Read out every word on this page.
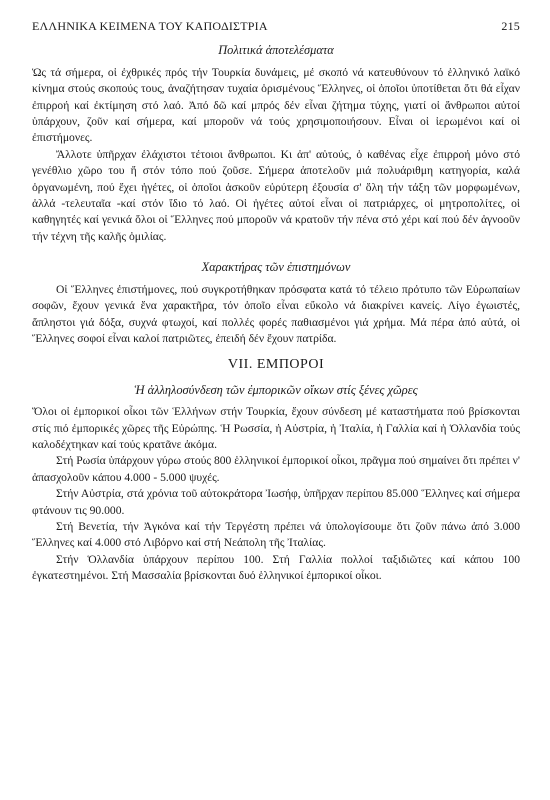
ΕΛΛΗΝΙΚΑ ΚΕΙΜΕΝΑ ΤΟΥ ΚΑΠΟΔΙΣΤΡΙΑ	215
Πολιτικά ἀποτελέσματα

Ὡς τά σήμερα, οἱ ἐχθρικές πρός τήν Τουρκία δυνάμεις, μέ σκοπό νά κατευθύνουν τό ἑλληνικό λαϊκό κίνημα στούς σκοπούς τους, ἀναζήτησαν τυχαία ὁρισμένους Ἕλληνες, οἱ ὁποῖοι ὑποτίθεται ὅτι θά εἶχαν ἐπιρροή καί ἐκτίμηση στό λαό. Ἀπό δῶ καί μπρός δέν εἶναι ζήτημα τύχης, γιατί οἱ ἄνθρωποι αὐτοί ὑπάρχουν, ζοῦν καί σήμερα, καί μποροῦν νά τούς χρησιμοποιήσουν. Εἶναι οἱ ἱερωμένοι καί οἱ ἐπιστήμονες.

Ἄλλοτε ὑπῆρχαν ἐλάχιστοι τέτοιοι ἄνθρωποι. Κι ἀπ' αὐτούς, ὁ καθένας εἶχε ἐπιρροή μόνο στό γενέθλιο χῶρο του ἤ στόν τόπο πού ζοῦσε. Σήμερα ἀποτελοῦν μιά πολυάριθμη κατηγορία, καλά ὀργανωμένη, πού ἔχει ἡγέτες, οἱ ὁποῖοι ἀσκοῦν εὐρύτερη ἐξουσία σ' ὅλη τήν τάξη τῶν μορφωμένων, ἀλλά -τελευταῖα -καί στόν ἴδιο τό λαό. Οἱ ἡγέτες αὐτοί εἶναι οἱ πατριάρχες, οἱ μητροπολίτες, οἱ καθηγητές καί γενικά ὅλοι οἱ Ἕλληνες πού μποροῦν νά κρατοῦν τήν πένα στό χέρι καί πού δέν ἀγνοοῦν τήν τέχνη τῆς καλῆς ὁμιλίας.

Χαρακτήρας τῶν ἐπιστημόνων

Οἱ Ἕλληνες ἐπιστήμονες, πού συγκροτήθηκαν πρόσφατα κατά τό τέλειο πρότυπο τῶν Εὐρωπαίων σοφῶν, ἔχουν γενικά ἕνα χαρακτῆρα, τόν ὁποῖο εἶναι εὔκολο νά διακρίνει κανείς. Λίγο ἐγωιστές, ἄπληστοι γιά δόξα, συχνά φτωχοί, καί πολλές φορές παθιασμένοι γιά χρήμα. Μά πέρα ἀπό αὐτά, οἱ Ἕλληνες σοφοί εἶναι καλοί πατριῶτες, ἐπειδή δέν ἔχουν πατρίδα.

VII. ΕΜΠΟΡΟΙ
Ἡ ἀλληλοσύνδεση τῶν ἐμπορικῶν οἴκων στίς ξένες χῶρες

Ὅλοι οἱ ἐμπορικοί οἶκοι τῶν Ἑλλήνων στήν Τουρκία, ἔχουν σύνδεση μέ καταστήματα πού βρίσκονται στίς πιό ἐμπορικές χῶρες τῆς Εὐρώπης. Ἡ Ρωσσία, ἡ Αὐστρία, ἡ Ἰταλία, ἡ Γαλλία καί ἡ Ὁλλανδία τούς καλοδέχτηκαν καί τούς κρατᾶνε ἀκόμα.

Στή Ρωσία ὑπάρχουν γύρω στούς 800 ἑλληνικοί ἐμπορικοί οἶκοι, πρᾶγμα πού σημαίνει ὅτι πρέπει ν' ἀπασχολοῦν κάπου 4.000 - 5.000 ψυχές.

Στήν Αὐστρία, στά χρόνια τοῦ αὐτοκράτορα Ἰωσήφ, ὑπῆρχαν περίπου 85.000 Ἕλληνες καί σήμερα φτάνουν τις 90.000.

Στή Βενετία, τήν Ἀγκόνα καί τήν Τεργέστη πρέπει νά ὑπολογίσουμε ὅτι ζοῦν πάνω ἀπό 3.000 Ἕλληνες καί 4.000 στό Λιβόρνο καί στή Νεάπολη τῆς Ἰταλίας.

Στήν Ὁλλανδία ὑπάρχουν περίπου 100. Στή Γαλλία πολλοί ταξιδιῶτες καί κάπου 100 ἐγκατεστημένοι. Στή Μασσαλία βρίσκονται δυό ἑλληνικοί ἐμπορικοί οἶκοι.
